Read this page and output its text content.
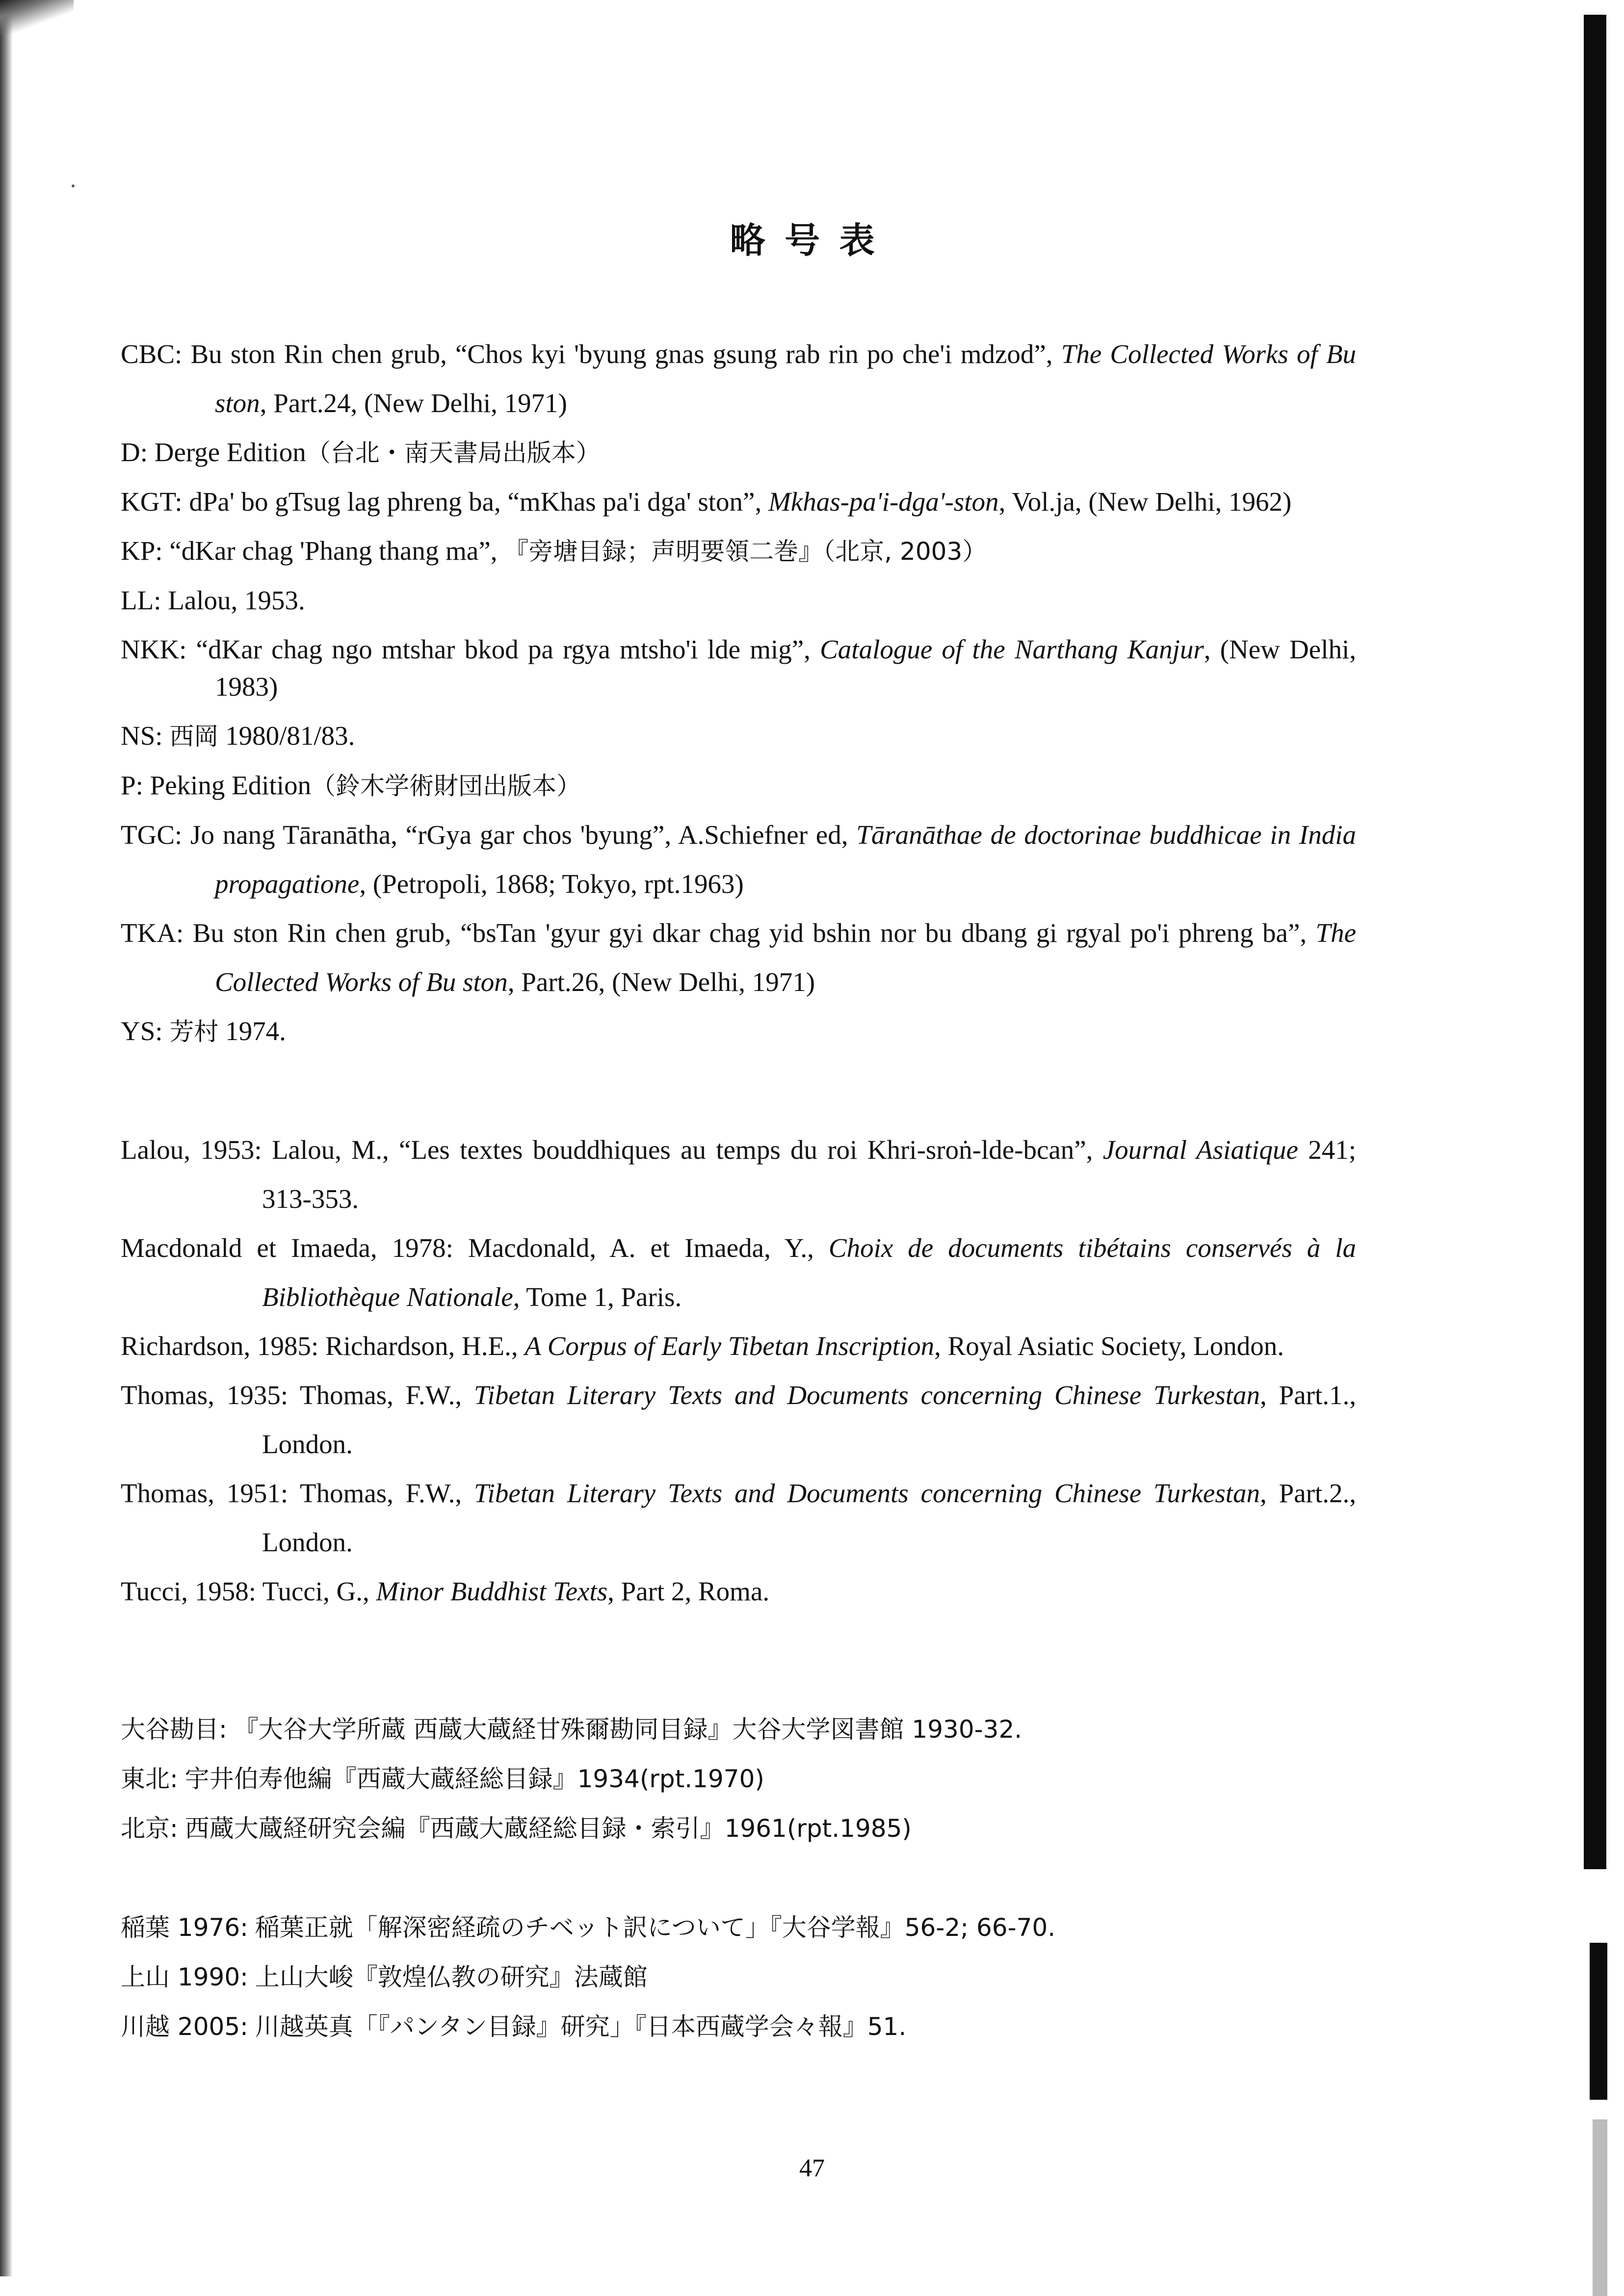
略号表
CBC: Bu ston Rin chen grub, “Chos kyi 'byung gnas gsung rab rin po che'i mdzod”, The Collected Works of Bu ston, Part.24, (New Delhi, 1971)
D: Derge Edition（台北・南天書局出版本）
KGT: dPa' bo gTsug lag phreng ba, “mKhas pa'i dga' ston”, Mkhas-pa'i-dga'-ston, Vol.ja, (New Delhi, 1962)
KP: “dKar chag 'Phang thang ma”, 『旁塘目録；声明要領二巻』（北京, 2003）
LL: Lalou, 1953.
NKK: “dKar chag ngo mtshar bkod pa rgya mtsho'i lde mig”, Catalogue of the Narthang Kanjur, (New Delhi, 1983)
NS: 西岡 1980/81/83.
P: Peking Edition（鈴木学術財団出版本）
TGC: Jo nang Tāranātha, “rGya gar chos 'byung”, A.Schiefner ed, Tāranāthae de doctorinae buddhicae in India propagatione, (Petropoli, 1868; Tokyo, rpt.1963)
TKA: Bu ston Rin chen grub, “bsTan 'gyur gyi dkar chag yid bshin nor bu dbang gi rgyal po'i phreng ba”, The Collected Works of Bu ston, Part.26, (New Delhi, 1971)
YS: 芳村 1974.
Lalou, 1953: Lalou, M., “Les textes bouddhiques au temps du roi Khri-sroṅ-lde-bcan”, Journal Asiatique 241; 313-353.
Macdonald et Imaeda, 1978: Macdonald, A. et Imaeda, Y., Choix de documents tibétains conservés à la Bibliothèque Nationale, Tome 1, Paris.
Richardson, 1985: Richardson, H.E., A Corpus of Early Tibetan Inscription, Royal Asiatic Society, London.
Thomas, 1935: Thomas, F.W., Tibetan Literary Texts and Documents concerning Chinese Turkestan, Part.1., London.
Thomas, 1951: Thomas, F.W., Tibetan Literary Texts and Documents concerning Chinese Turkestan, Part.2., London.
Tucci, 1958: Tucci, G., Minor Buddhist Texts, Part 2, Roma.
大谷勘目: 『大谷大学所蔵 西蔵大蔵経甘殊爾勘同目録』大谷大学図書館 1930-32.
東北: 宇井伯寿他編『西蔵大蔵経総目録』1934(rpt.1970)
北京: 西蔵大蔵経研究会編『西蔵大蔵経総目録・索引』1961(rpt.1985)
稲葉 1976: 稲葉正就「解深密経疏のチベット訳について」『大谷学報』56-2; 66-70.
上山 1990: 上山大峻『敦煌仏教の研究』法蔵館
川越 2005: 川越英真「『パンタン目録』研究」『日本西蔵学会々報』51.
47
